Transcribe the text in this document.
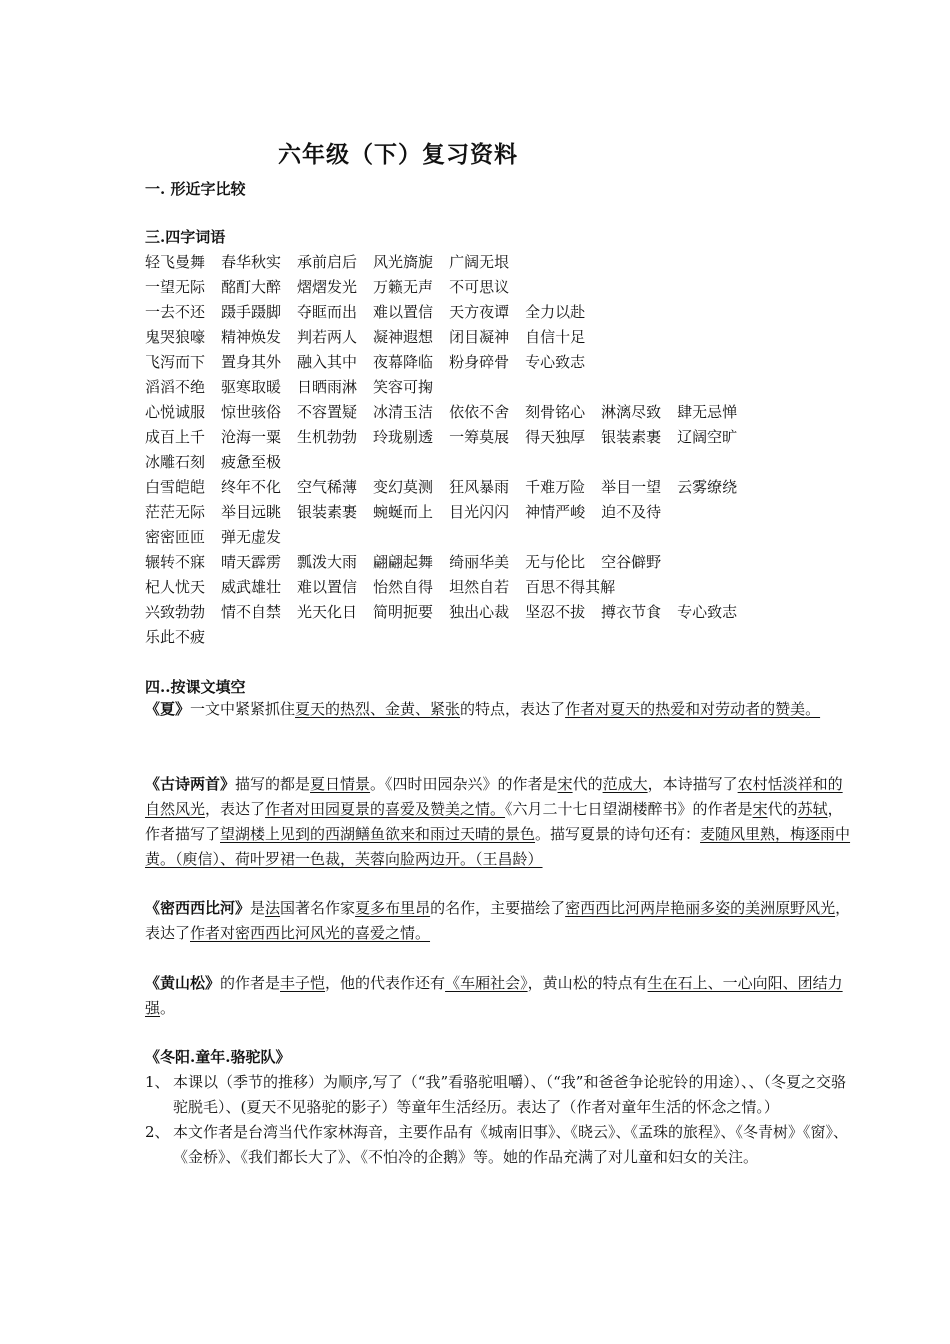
六年级（下）复习资料
一. 形近字比较
三.四字词语
轻飞曼舞 春华秋实 承前启后 风光旖旎 广阔无垠
一望无际 酩酊大醉 熠熠发光 万籁无声 不可思议
一去不还 蹑手蹑脚 夺眶而出 难以置信 天方夜谭 全力以赴
鬼哭狼嚎 精神焕发 判若两人 凝神遐想 闭目凝神 自信十足
飞泻而下 置身其外 融入其中 夜幕降临 粉身碎骨 专心致志
滔滔不绝 驱寒取暖 日晒雨淋 笑容可掬
心悦诚服 惊世骇俗 不容置疑 冰清玉洁 依依不舍 刻骨铭心 淋漓尽致 肆无忌惮
成百上千 沧海一粟 生机勃勃 玲珑剔透 一筹莫展 得天独厚 银装素裹 辽阔空旷
冰雕石刻 疲惫至极
白雪皑皑 终年不化 空气稀薄 变幻莫测 狂风暴雨 千难万险 举目一望 云雾缭绕
茫茫无际 举目远眺 银装素裹 蜿蜒而上 目光闪闪 神情严峻 迫不及待
密密匝匝 弹无虚发
辗转不寐 晴天霹雳 瓢泼大雨 翩翩起舞 绮丽华美 无与伦比 空谷僻野
杞人忧天 威武雄壮 难以置信 怡然自得 坦然自若 百思不得其解
兴致勃勃 情不自禁 光天化日 简明扼要 独出心裁 坚忍不拔 撙衣节食 专心致志
乐此不疲
四..按课文填空

《夏》一文中紧紧抓住夏天的热烈、金黄、紧张的特点，表达了作者对夏天的热爱和对劳动者的赞美。

《古诗两首》描写的都是夏日情景。《四时田园杂兴》的作者是宋代的范成大，本诗描写了农村恬淡祥和的自然风光，表达了作者对田园夏景的喜爱及赞美之情。《六月二十七日望湖楼醉书》的作者是宋代的苏轼，作者描写了望湖楼上见到的西湖鳝鱼欲来和雨过天晴的景色。描写夏景的诗句还有：麦随风里熟，梅逐雨中黄。（庾信）、荷叶罗裙一色裁，芙蓉向脸两边开。（王昌龄）

《密西西比河》是法国著名作家夏多布里昂的名作，主要描绘了密西西比河两岸艳丽多姿的美洲原野风光，表达了作者对密西西比河风光的喜爱之情。

《黄山松》的作者是丰子恺，他的代表作还有《车厢社会》，黄山松的特点有生在石上、一心向阳、团结力强。

《冬阳.童年.骆驼队》
1、 本课以（季节的推移）为顺序,写了（“我”看骆驼咀嚼）、（“我”和爸爸争论驼铃的用途）、、（冬夏之交骆驼脱毛）、(夏天不见骆驼的影子）等童年生活经历。表达了（作者对童年生活的怀念之情。）
2、 本文作者是台湾当代作家林海音，主要作品有《城南旧事》、《晓云》、《孟珠的旅程》、《冬青树》《窗》、《金桥》、《我们都长大了》、《不怕冷的企鹅》等。她的作品充满了对儿童和妇女的关注。
